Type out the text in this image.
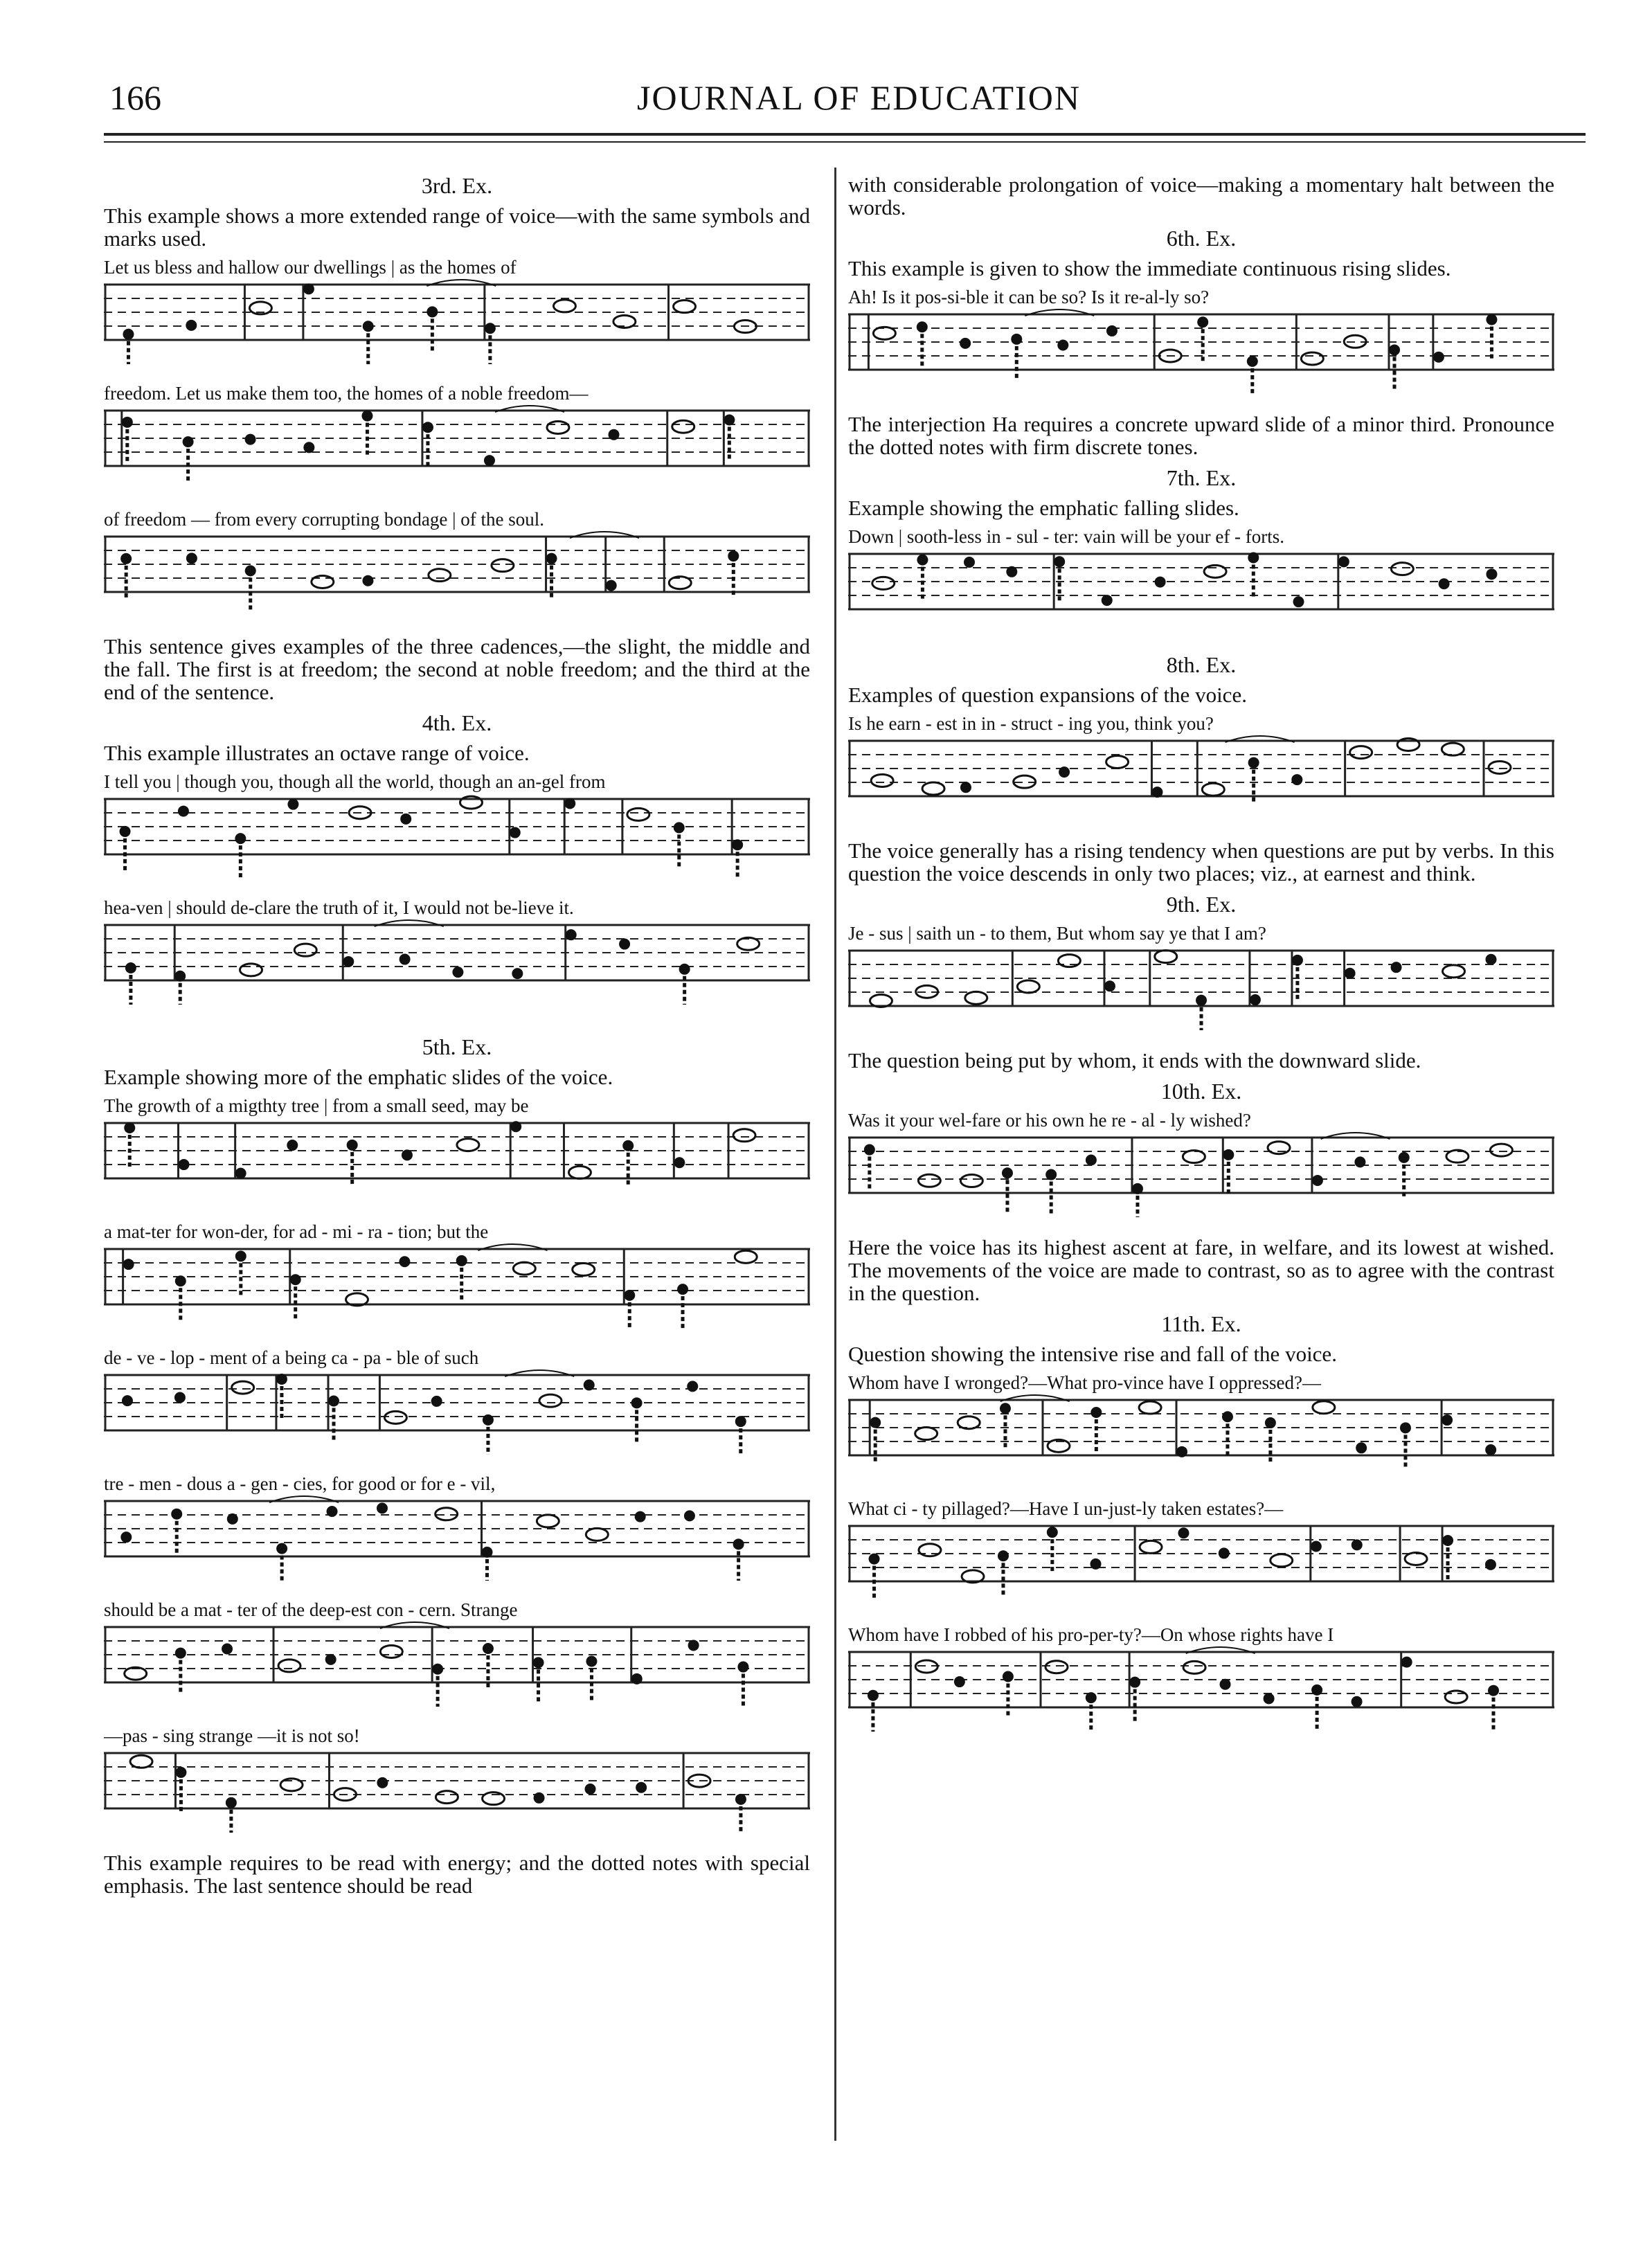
166	JOURNAL OF EDUCATION
3rd. Ex.
This example shows a more extended range of voice—with the same symbols and marks used.
Let us bless and hallow our dwellings | as the homes of
freedom. Let us make them too, the homes of a noble freedom—
of freedom — from every corrupting bondage | of the soul.
This sentence gives examples of the three cadences,—the slight, the middle and the fall. The first is at freedom; the second at noble freedom; and the third at the end of the sentence.
4th. Ex.
This example illustrates an octave range of voice.
I tell you | though you, though all the world, though an an-gel from
hea-ven | should de-clare the truth of it, I would not be-lieve it.
5th. Ex.
Example showing more of the emphatic slides of the voice.
The growth of a migthty tree | from a small seed, may be
a mat-ter for won-der, for ad - mi - ra - tion; but the
de - ve - lop - ment of a being ca - pa - ble of such
tre - men - dous a - gen - cies, for good or for e - vil,
should be a mat - ter of the deep-est con - cern. Strange
—pas - sing strange —it is not so!
This example requires to be read with energy; and the dotted notes with special emphasis. The last sentence should be read
with considerable prolongation of voice—making a momentary halt between the words.
6th. Ex.
This example is given to show the immediate continuous rising slides.
Ah! Is it pos-si-ble it can be so? Is it re-al-ly so?
The interjection Ha requires a concrete upward slide of a minor third. Pronounce the dotted notes with firm discrete tones.
7th. Ex.
Example showing the emphatic falling slides.
Down | sooth-less in - sul - ter: vain will be your ef - forts.
8th. Ex.
Examples of question expansions of the voice.
Is he earn - est in in - struct - ing you, think you?
The voice generally has a rising tendency when questions are put by verbs. In this question the voice descends in only two places; viz., at earnest and think.
9th. Ex.
Je - sus | saith un - to them, But whom say ye that I am?
The question being put by whom, it ends with the downward slide.
10th. Ex.
Was it your wel-fare or his own he re - al - ly wished?
Here the voice has its highest ascent at fare, in welfare, and its lowest at wished. The movements of the voice are made to contrast, so as to agree with the contrast in the question.
11th. Ex.
Question showing the intensive rise and fall of the voice.
Whom have I wronged?—What pro-vince have I oppressed?—
What ci - ty pillaged?—Have I un-just-ly taken estates?—
Whom have I robbed of his pro-per-ty?—On whose rights have I
